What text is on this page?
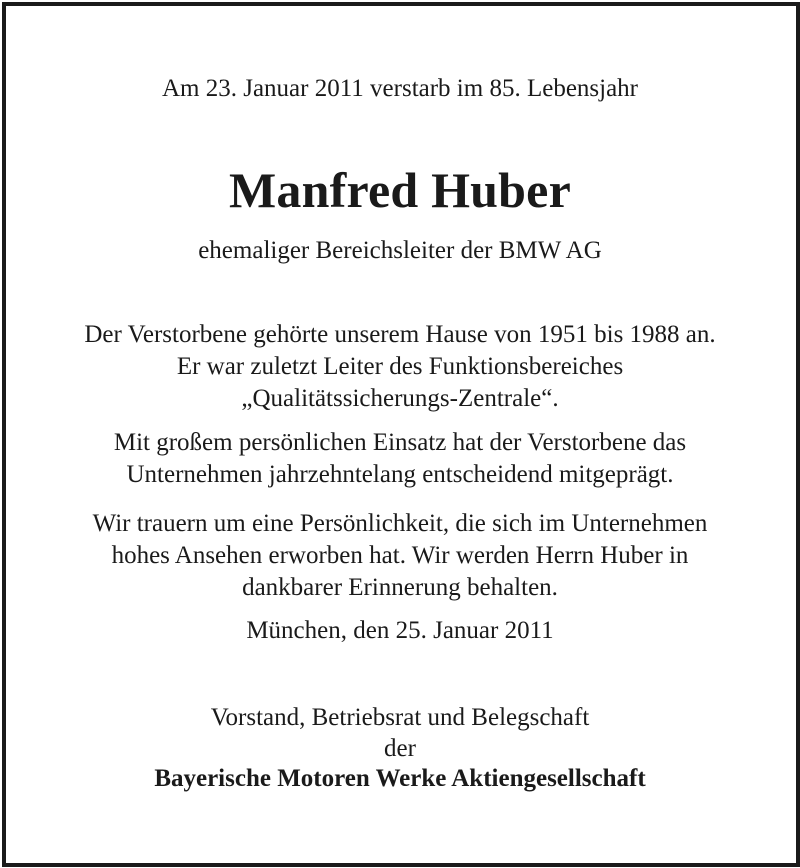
Am 23. Januar 2011 verstarb im 85. Lebensjahr

Manfred Huber

ehemaliger Bereichsleiter der BMW AG

Der Verstorbene gehörte unserem Hause von 1951 bis 1988 an.

Er war zuletzt Leiter des Funktionsbereiches

„Qualitätssicherungs-Zentrale“.

Mit großem persönlichen Einsatz hat der Verstorbene das

Unternehmen jahrzehntelang entscheidend mitgeprägt.

Wir trauern um eine Persönlichkeit, die sich im Unternehmen

hohes Ansehen erworben hat. Wir werden Herrn Huber in

dankbarer Erinnerung behalten.

München, den 25. Januar 2011

Vorstand, Betriebsrat und Belegschaft

der

Bayerische Motoren Werke Aktiengesellschaft
